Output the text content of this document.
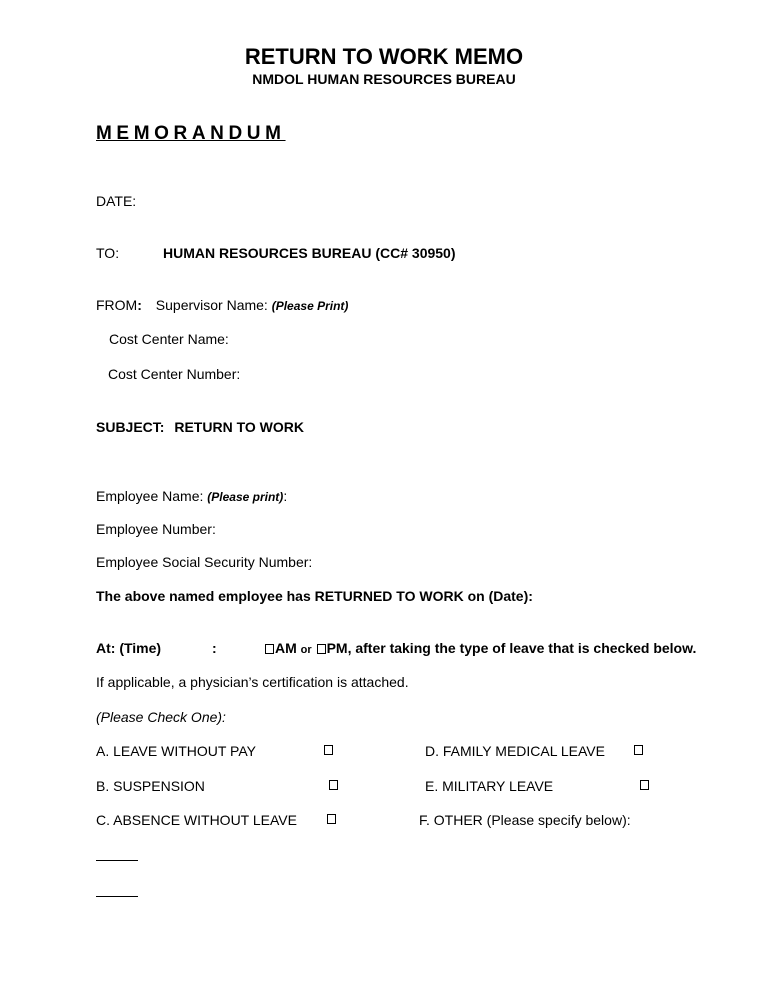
RETURN TO WORK MEMO
NMDOL HUMAN RESOURCES BUREAU
MEMORANDUM
DATE:
TO:	HUMAN RESOURCES BUREAU (CC# 30950)
FROM: Supervisor Name: (Please Print)
Cost Center Name:
Cost Center Number:
SUBJECT: RETURN TO WORK
Employee Name: (Please print):
Employee Number:
Employee Social Security Number:
The above named employee has RETURNED TO WORK on (Date):
At: (Time)	:	AM or PM, after taking the type of leave that is checked below.
If applicable, a physician’s certification is attached.
(Please Check One):
A. LEAVE WITHOUT PAY	D. FAMILY MEDICAL LEAVE
B. SUSPENSION	E. MILITARY LEAVE
C. ABSENCE WITHOUT LEAVE	F. OTHER (Please specify below):
